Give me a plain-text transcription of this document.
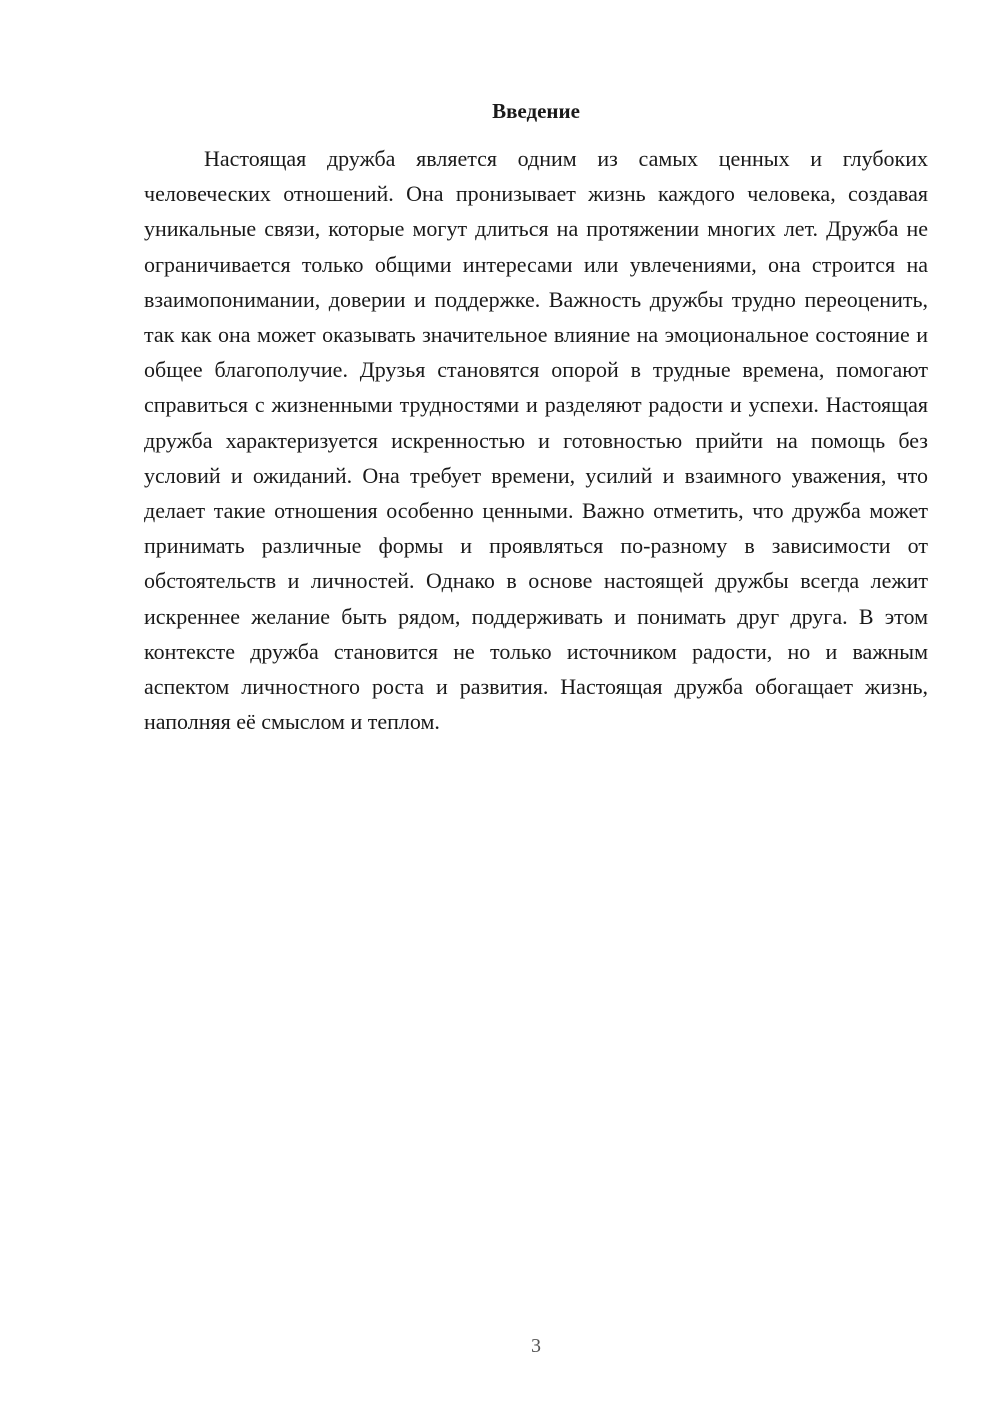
Введение

Настоящая дружба является одним из самых ценных и глубоких человеческих отношений. Она пронизывает жизнь каждого человека, создавая уникальные связи, которые могут длиться на протяжении многих лет. Дружба не ограничивается только общими интересами или увлечениями, она строится на взаимопонимании, доверии и поддержке. Важность дружбы трудно переоценить, так как она может оказывать значительное влияние на эмоциональное состояние и общее благополучие. Друзья становятся опорой в трудные времена, помогают справиться с жизненными трудностями и разделяют радости и успехи. Настоящая дружба характеризуется искренностью и готовностью прийти на помощь без условий и ожиданий. Она требует времени, усилий и взаимного уважения, что делает такие отношения особенно ценными. Важно отметить, что дружба может принимать различные формы и проявляться по-разному в зависимости от обстоятельств и личностей. Однако в основе настоящей дружбы всегда лежит искреннее желание быть рядом, поддерживать и понимать друг друга. В этом контексте дружба становится не только источником радости, но и важным аспектом личностного роста и развития. Настоящая дружба обогащает жизнь, наполняя её смыслом и теплом.

3
